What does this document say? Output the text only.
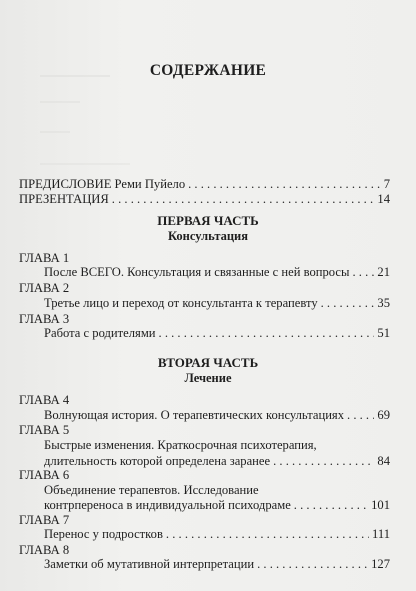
СОДЕРЖАНИЕ
ПРЕДИСЛОВИЕ Реми Пуйело . . .	7
ПРЕЗЕНТАЦИЯ . . .	14
ПЕРВАЯ ЧАСТЬ
Консультация
ГЛАВА 1
После ВСЕГО. Консультация и связанные с ней вопросы . . . 21
ГЛАВА 2
Третье лицо и переход от консультанта к терапевту . . .	35
ГЛАВА 3
Работа с родителями . . .	51
ВТОРАЯ ЧАСТЬ
Лечение
ГЛАВА 4
Волнующая история. О терапевтических консультациях . . .	69
ГЛАВА 5
Быстрые изменения. Краткосрочная психотерапия,
длительность которой определена заранее . . .	84
ГЛАВА 6
Объединение терапевтов. Исследование
контрпереноса в индивидуальной психодраме . . .	101
ГЛАВА 7
Перенос у подростков . . .	111
ГЛАВА 8
Заметки об мутативной интерпретации . . .	127
